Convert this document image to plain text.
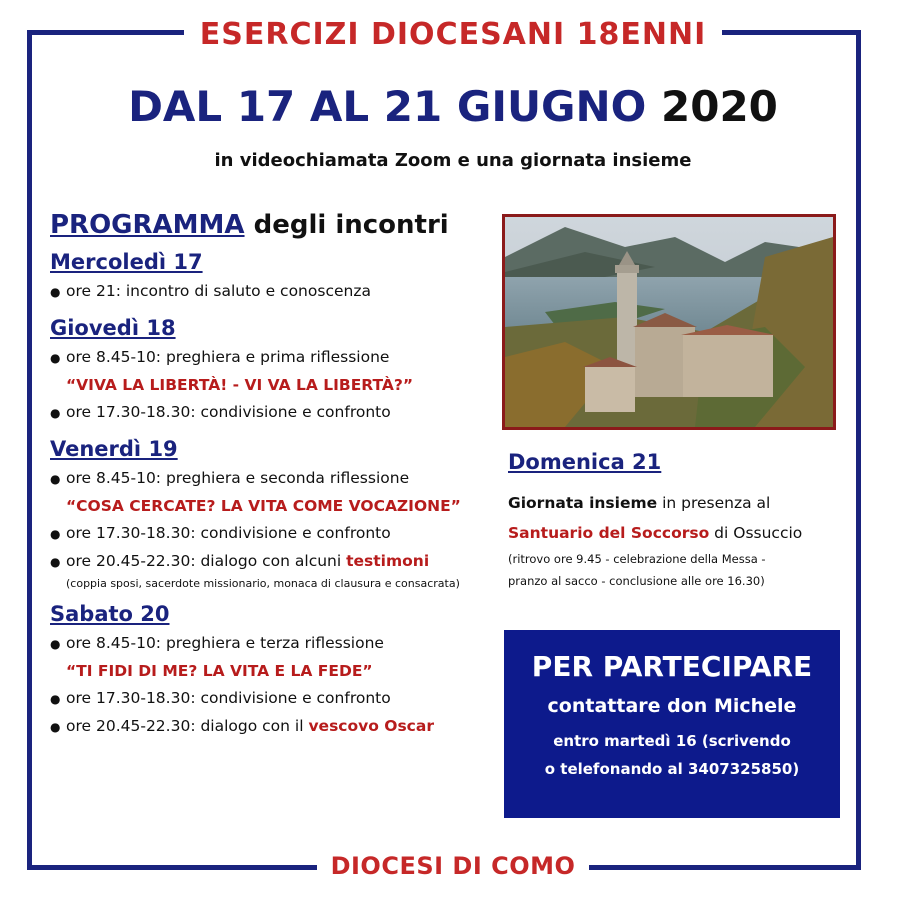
ESERCIZI DIOCESANI 18ENNI
DAL 17 AL 21 GIUGNO 2020
in videochiamata Zoom e una giornata insieme
PROGRAMMA degli incontri
Mercoledì 17
● ore 21: incontro di saluto e conoscenza
Giovedì 18
● ore 8.45-10: preghiera e prima riflessione
“VIVA LA LIBERTÀ! - VI VA LA LIBERTÀ?”
● ore 17.30-18.30: condivisione e confronto
Venerdì 19
● ore 8.45-10: preghiera e seconda riflessione
“COSA CERCATE? LA VITA COME VOCAZIONE”
● ore 17.30-18.30: condivisione e confronto
● ore 20.45-22.30: dialogo con alcuni testimoni
(coppia sposi, sacerdote missionario, monaca di clausura e consacrata)
Sabato 20
● ore 8.45-10: preghiera e terza riflessione
“TI FIDI DI ME? LA VITA E LA FEDE”
● ore 17.30-18.30: condivisione e confronto
● ore 20.45-22.30: dialogo con il vescovo Oscar
Domenica 21
Giornata insieme in presenza al
Santuario del Soccorso di Ossuccio
(ritrovo ore 9.45 - celebrazione della Messa -
pranzo al sacco - conclusione alle ore 16.30)
PER PARTECIPARE
contattare don Michele
entro martedì 16 (scrivendo
o telefonando al 3407325850)
DIOCESI DI COMO
